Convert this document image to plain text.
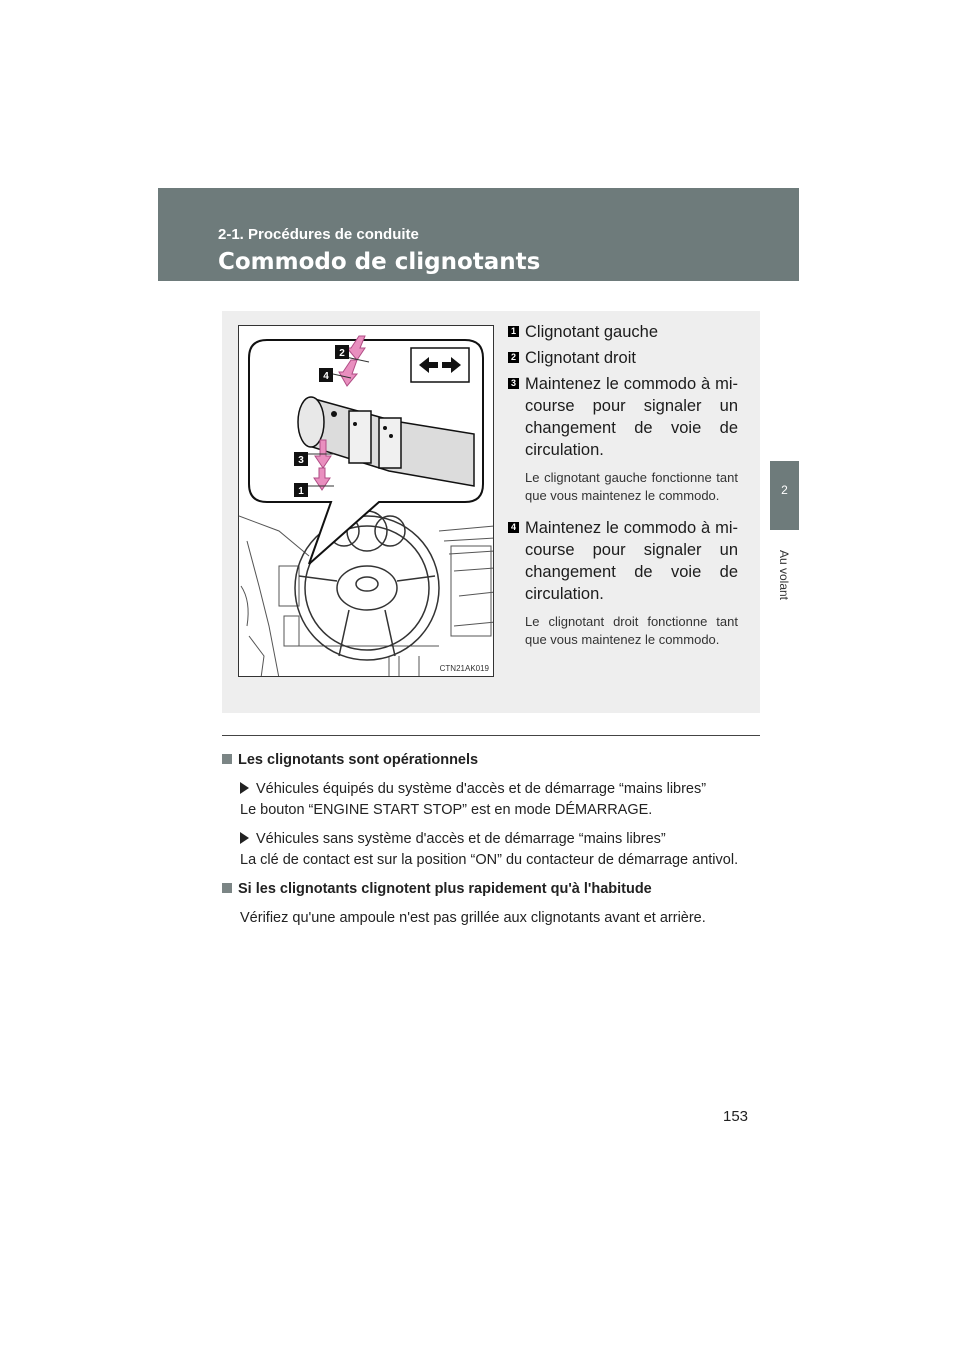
2-1. Procédures de conduite
Commodo de clignotants
2
Au volant
2
4
3
1
CTN21AK019
1 Clignotant gauche
2 Clignotant droit
3 Maintenez le commodo à mi-course pour signaler un changement de voie de circulation.
Le clignotant gauche fonctionne tant que vous maintenez le commodo.
4 Maintenez le commodo à mi-course pour signaler un changement de voie de circulation.
Le clignotant droit fonctionne tant que vous maintenez le commodo.

Les clignotants sont opérationnels

Véhicules équipés du système d'accès et de démarrage “mains libres”

Le bouton “ENGINE START STOP” est en mode DÉMARRAGE.

Véhicules sans système d'accès et de démarrage “mains libres”

La clé de contact est sur la position “ON” du contacteur de démarrage antivol.

Si les clignotants clignotent plus rapidement qu'à l'habitude

Vérifiez qu'une ampoule n'est pas grillée aux clignotants avant et arrière.

153
